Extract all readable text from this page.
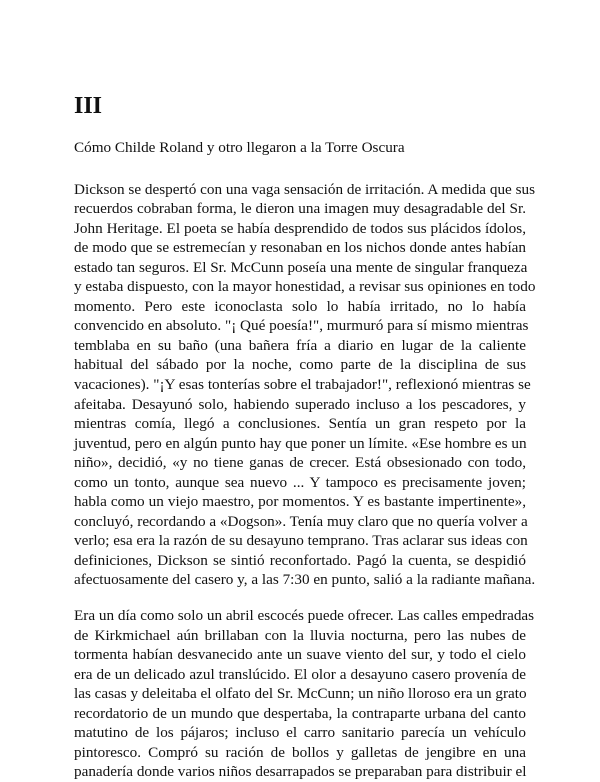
III

Cómo Childe Roland y otro llegaron a la Torre Oscura

Dickson se despertó con una vaga sensación de irritación. A medida que sus
recuerdos cobraban forma, le dieron una imagen muy desagradable del Sr.
John Heritage. El poeta se había desprendido de todos sus plácidos ídolos,
de modo que se estremecían y resonaban en los nichos donde antes habían
estado tan seguros. El Sr. McCunn poseía una mente de singular franqueza
y estaba dispuesto, con la mayor honestidad, a revisar sus opiniones en todo
momento. Pero este iconoclasta solo lo había irritado, no lo había
convencido en absoluto. "¡ Qué poesía!", murmuró para sí mismo mientras
temblaba en su baño (una bañera fría a diario en lugar de la caliente
habitual del sábado por la noche, como parte de la disciplina de sus
vacaciones). "¡Y esas tonterías sobre el trabajador!", reflexionó mientras se
afeitaba. Desayunó solo, habiendo superado incluso a los pescadores, y
mientras comía, llegó a conclusiones. Sentía un gran respeto por la
juventud, pero en algún punto hay que poner un límite. «Ese hombre es un
niño», decidió, «y no tiene ganas de crecer. Está obsesionado con todo,
como un tonto, aunque sea nuevo ... Y tampoco es precisamente joven;
habla como un viejo maestro, por momentos. Y es bastante impertinente»,
concluyó, recordando a «Dogson». Tenía muy claro que no quería volver a
verlo; esa era la razón de su desayuno temprano. Tras aclarar sus ideas con
definiciones, Dickson se sintió reconfortado. Pagó la cuenta, se despidió
afectuosamente del casero y, a las 7:30 en punto, salió a la radiante mañana.
Era un día como solo un abril escocés puede ofrecer. Las calles empedradas
de Kirkmichael aún brillaban con la lluvia nocturna, pero las nubes de
tormenta habían desvanecido ante un suave viento del sur, y todo el cielo
era de un delicado azul translúcido. El olor a desayuno casero provenía de
las casas y deleitaba el olfato del Sr. McCunn; un niño lloroso era un grato
recordatorio de un mundo que despertaba, la contraparte urbana del canto
matutino de los pájaros; incluso el carro sanitario parecía un vehículo
pintoresco. Compró su ración de bollos y galletas de jengibre en una
panadería donde varios niños desarrapados se preparaban para distribuir el
